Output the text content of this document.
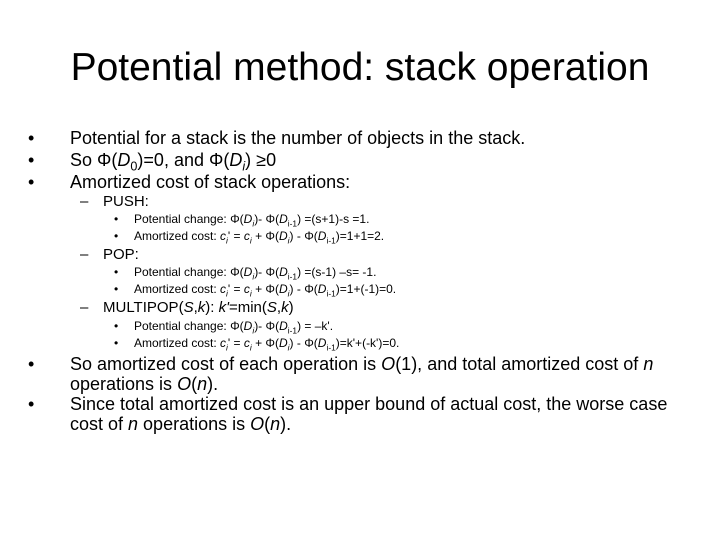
Potential method: stack operation
• Potential for a stack is the number of objects in the stack.
• So $\Phi(D_0)=0$, and $\Phi(D_i) \ge 0$
• Amortized cost of stack operations:
– PUSH:
• Potential change: $\Phi(D_i)-$ $\Phi(D_{i-1}) =(s+1)-s =1$.
• Amortized cost: $c_i' = c_i + \Phi(D_i) - \Phi(D_{i-1})=1+1=2$.
– POP:
• Potential change: $\Phi(D_i)-$ $\Phi(D_{i-1}) =(s-1)$ –s= -1.
• Amortized cost: $c_i' = c_i + \Phi(D_i) - \Phi(D_{i-1})=1+(-1)=0$.
– MULTIPOP(S,k): k'=min(S,k)
• Potential change: $\Phi(D_i)-$ $\Phi(D_{i-1}) = -k'$.
• Amortized cost: $c_i' = c_i + \Phi(D_i) - \Phi(D_{i-1})=k'+(-k')=0$.
• So amortized cost of each operation is O(1), and total amortized cost of n operations is O(n).
• Since total amortized cost is an upper bound of actual cost, the worse case cost of n operations is O(n).
